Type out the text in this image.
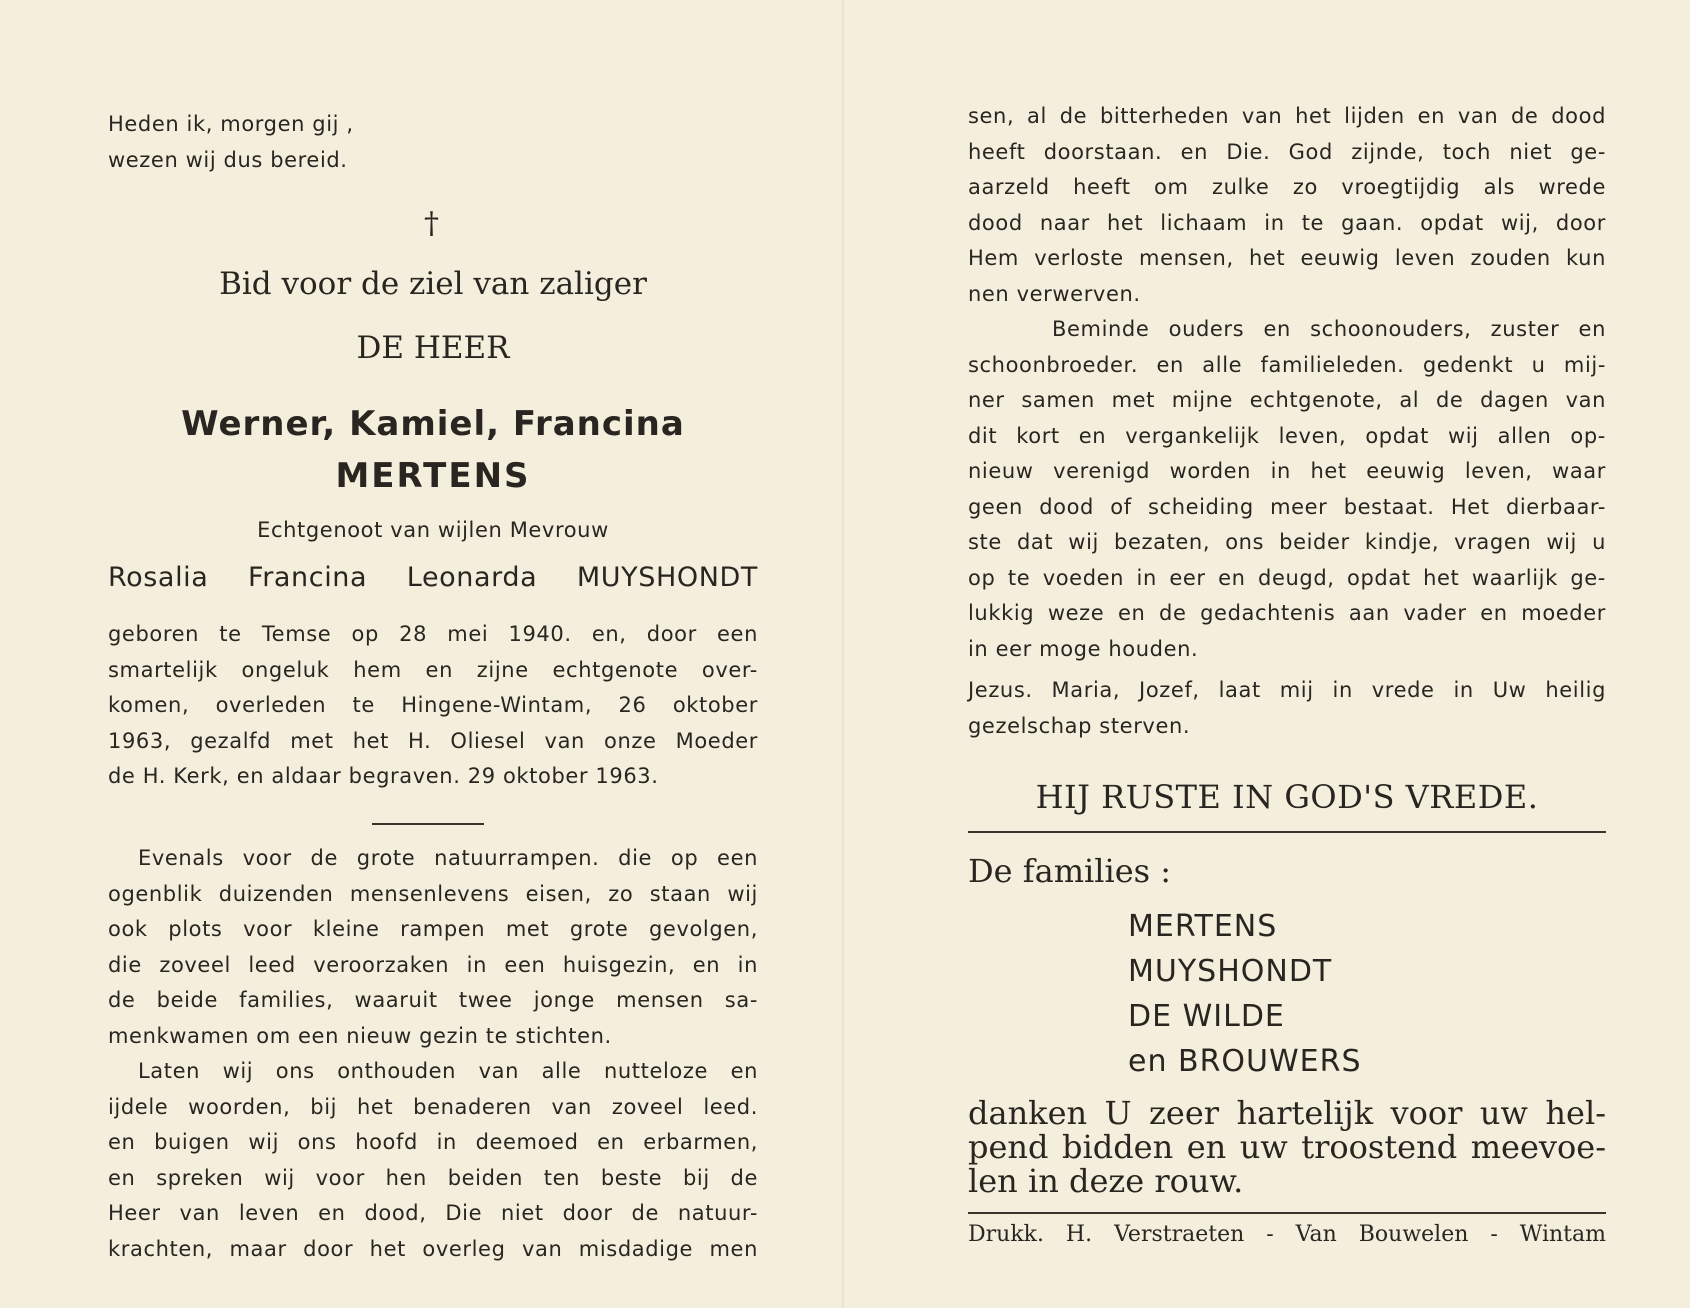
Heden ik, morgen gij ,
wezen wij dus bereid.
†
Bid voor de ziel van zaliger
DE HEER
Werner, Kamiel, Francina
MERTENS
Echtgenoot van wijlen Mevrouw
Rosalia Francina Leonarda MUYSHONDT
geboren te Temse op 28 mei 1940. en, door een
smartelijk ongeluk hem en zijne echtgenote over-
komen, overleden te Hingene-Wintam, 26 oktober
1963, gezalfd met het H. Oliesel van onze Moeder
de H. Kerk, en aldaar begraven. 29 oktober 1963.
Evenals voor de grote natuurrampen. die op een
ogenblik duizenden mensenlevens eisen, zo staan wij
ook plots voor kleine rampen met grote gevolgen,
die zoveel leed veroorzaken in een huisgezin, en in
de beide families, waaruit twee jonge mensen sa-
menkwamen om een nieuw gezin te stichten.
Laten wij ons onthouden van alle nutteloze en
ijdele woorden, bij het benaderen van zoveel leed.
en buigen wij ons hoofd in deemoed en erbarmen,
en spreken wij voor hen beiden ten beste bij de
Heer van leven en dood, Die niet door de natuur-
krachten, maar door het overleg van misdadige men
sen, al de bitterheden van het lijden en van de dood
heeft doorstaan. en Die. God zijnde, toch niet ge-
aarzeld heeft om zulke zo vroegtijdig als wrede
dood naar het lichaam in te gaan. opdat wij, door
Hem verloste mensen, het eeuwig leven zouden kun
nen verwerven.
Beminde ouders en schoonouders, zuster en
schoonbroeder. en alle familieleden. gedenkt u mij-
ner samen met mijne echtgenote, al de dagen van
dit kort en vergankelijk leven, opdat wij allen op-
nieuw verenigd worden in het eeuwig leven, waar
geen dood of scheiding meer bestaat. Het dierbaar-
ste dat wij bezaten, ons beider kindje, vragen wij u
op te voeden in eer en deugd, opdat het waarlijk ge-
lukkig weze en de gedachtenis aan vader en moeder
in eer moge houden.
Jezus. Maria, Jozef, laat mij in vrede in Uw heilig
gezelschap sterven.
HIJ RUSTE IN GOD'S VREDE.
De families :
MERTENS
MUYSHONDT
DE WILDE
en BROUWERS
danken U zeer hartelijk voor uw hel-
pend bidden en uw troostend meevoe-
len in deze rouw.
Drukk. H. Verstraeten - Van Bouwelen - Wintam
